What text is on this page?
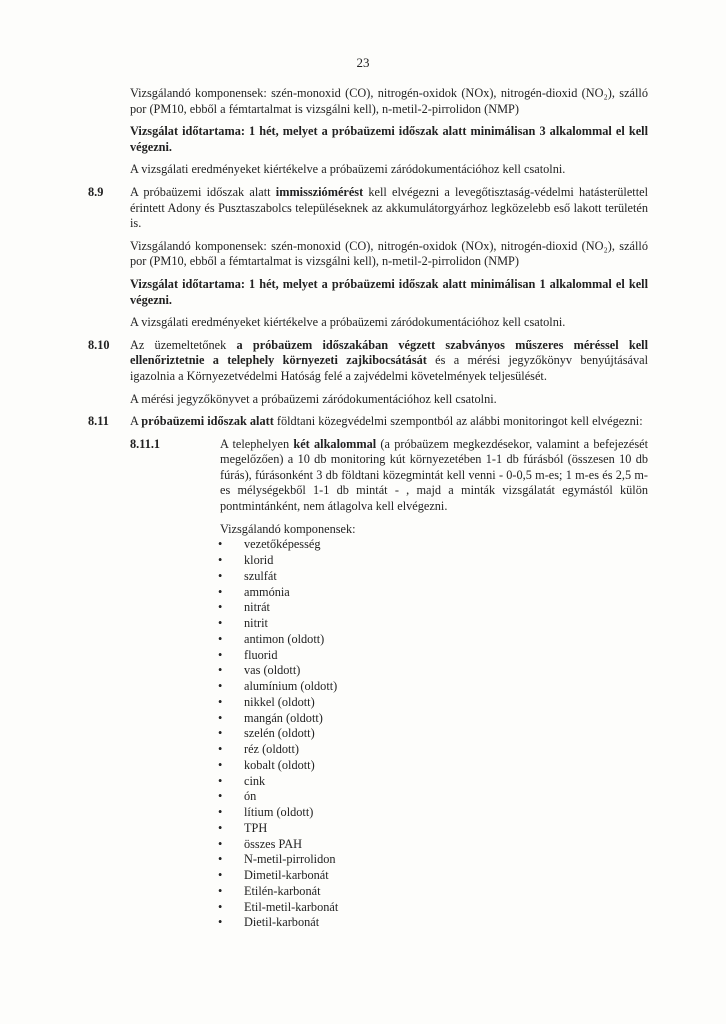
23

Vizsgálandó komponensek: szén-monoxid (CO), nitrogén-oxidok (NOx), nitrogén-dioxid (NO₂), szálló por (PM10, ebből a fémtartalmat is vizsgálni kell), n-metil-2-pirrolidon (NMP)

Vizsgálat időtartama: 1 hét, melyet a próbaüzemi időszak alatt minimálisan 3 alkalommal el kell végezni.

A vizsgálati eredményeket kiértékelve a próbaüzemi záródokumentációhoz kell csatolni.

8.9 A próbaüzemi időszak alatt immissziómérést kell elvégezni a levegőtisztaság-védelmi hatásterülettel érintett Adony és Pusztaszabolcs településeknek az akkumulátorgyárhoz legközelebb eső lakott területén is.

Vizsgálandó komponensek: szén-monoxid (CO), nitrogén-oxidok (NOx), nitrogén-dioxid (NO₂), szálló por (PM10, ebből a fémtartalmat is vizsgálni kell), n-metil-2-pirrolidon (NMP)

Vizsgálat időtartama: 1 hét, melyet a próbaüzemi időszak alatt minimálisan 1 alkalommal el kell végezni.

A vizsgálati eredményeket kiértékelve a próbaüzemi záródokumentációhoz kell csatolni.

8.10 Az üzemeltetőnek a próbaüzem időszakában végzett szabványos műszeres méréssel kell ellenőriztetnie a telephely környezeti zajkibocsátását és a mérési jegyzőkönyv benyújtásával igazolnia a Környezetvédelmi Hatóság felé a zajvédelmi követelmények teljesülését.

A mérési jegyzőkönyvet a próbaüzemi záródokumentációhoz kell csatolni.

8.11 A próbaüzemi időszak alatt földtani közegvédelmi szempontból az alábbi monitoringot kell elvégezni:

8.11.1	A telephelyen két alkalommal (a próbaüzem megkezdésekor, valamint a befejezését megelőzően) a 10 db monitoring kút környezetében 1-1 db fúrásból (összesen 10 db fúrás), fúrásonként 3 db földtani közegmintát kell venni - 0-0,5 m-es; 1 m-es és 2,5 m-es mélységekből 1-1 db mintát - , majd a minták vizsgálatát egymástól külön pontmintánként, nem átlagolva kell elvégezni.

Vizsgálandó komponensek:
• vezetőképesség
• klorid
• szulfát
• ammónia
• nitrát
• nitrit
• antimon (oldott)
• fluorid
• vas (oldott)
• alumínium (oldott)
• nikkel (oldott)
• mangán (oldott)
• szelén (oldott)
• réz (oldott)
• kobalt (oldott)
• cink
• ón
• lítium (oldott)
• TPH
• összes PAH
• N-metil-pirrolidon
• Dimetil-karbonát
• Etilén-karbonát
• Etil-metil-karbonát
• Dietil-karbonát
